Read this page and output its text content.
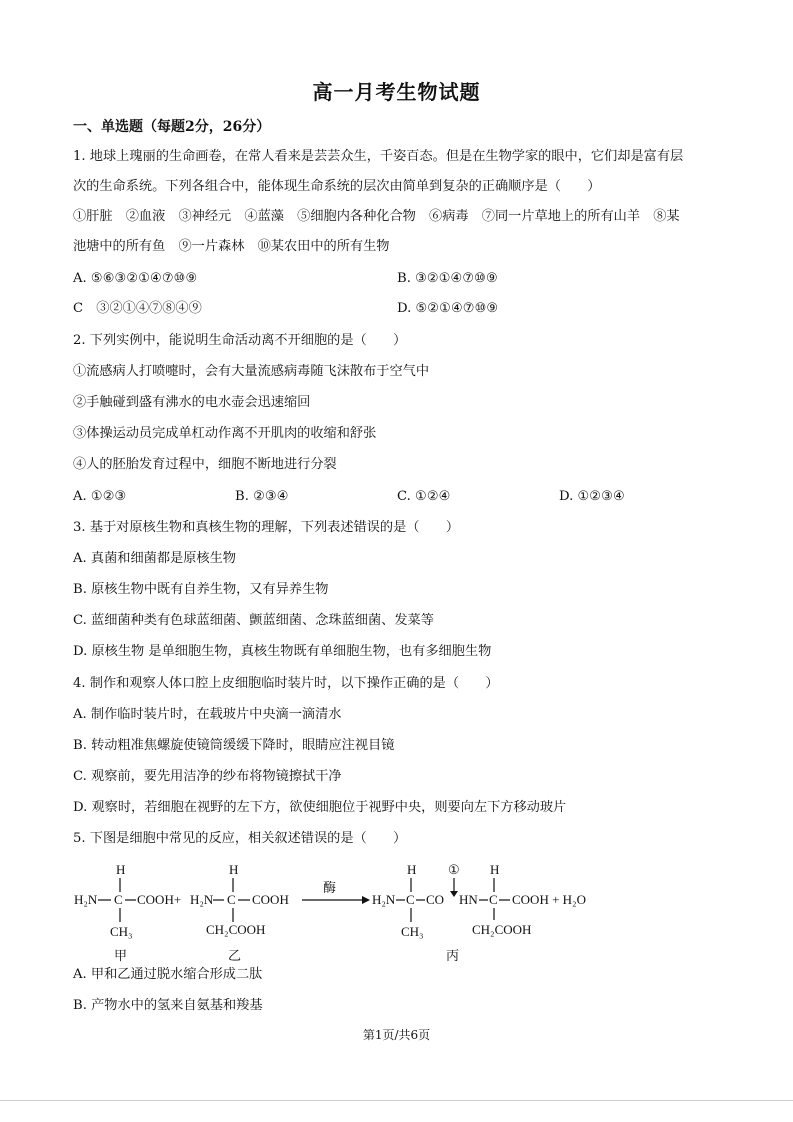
高一月考生物试题
一、单选题（每题2分，26分）
1. 地球上瑰丽的生命画卷，在常人看来是芸芸众生，千姿百态。但是在生物学家的眼中，它们却是富有层
次的生命系统。下列各组合中，能体现生命系统的层次由简单到复杂的正确顺序是（　　）
①肝脏　②血液　③神经元　④蓝藻　⑤细胞内各种化合物　⑥病毒　⑦同一片草地上的所有山羊　⑧某
池塘中的所有鱼　⑨一片森林　⑩某农田中的所有生物
A. ⑤⑥③②①④⑦⑩⑨	B. ③②①④⑦⑩⑨
C　③②①④⑦⑧④⑨	D. ⑤②①④⑦⑩⑨
2. 下列实例中，能说明生命活动离不开细胞的是（　　）
①流感病人打喷嚏时，会有大量流感病毒随飞沫散布于空气中
②手触碰到盛有沸水的电水壶会迅速缩回
③体操运动员完成单杠动作离不开肌肉的收缩和舒张
④人的胚胎发育过程中，细胞不断地进行分裂
A. ①②③	B. ②③④	C. ①②④	D. ①②③④
3. 基于对原核生物和真核生物的理解，下列表述错误的是（　　）
A. 真菌和细菌都是原核生物
B. 原核生物中既有自养生物，又有异养生物
C. 蓝细菌种类有色球蓝细菌、颤蓝细菌、念珠蓝细菌、发菜等
D. 原核生物 是单细胞生物，真核生物既有单细胞生物，也有多细胞生物
4. 制作和观察人体口腔上皮细胞临时装片时，以下操作正确的是（　　）
A. 制作临时装片时，在载玻片中央滴一滴清水
B. 转动粗准焦螺旋使镜筒缓缓下降时，眼睛应注视目镜
C. 观察前，要先用洁净的纱布将物镜擦拭干净
D. 观察时，若细胞在视野的左下方，欲使细胞位于视野中央，则要向左下方移动玻片
5. 下图是细胞中常见的反应，相关叙述错误的是（　　）
H
H₂N C COOH+
CH₃
甲
H
H₂N C COOH
CH₂COOH
乙
酶
H₂N
H
C
CH₃
CO
①
HN
H
C COOH + H₂O
CH₂COOH
丙
A. 甲和乙通过脱水缩合形成二肽
B. 产物水中的氢来自氨基和羧基
第1页/共6页
